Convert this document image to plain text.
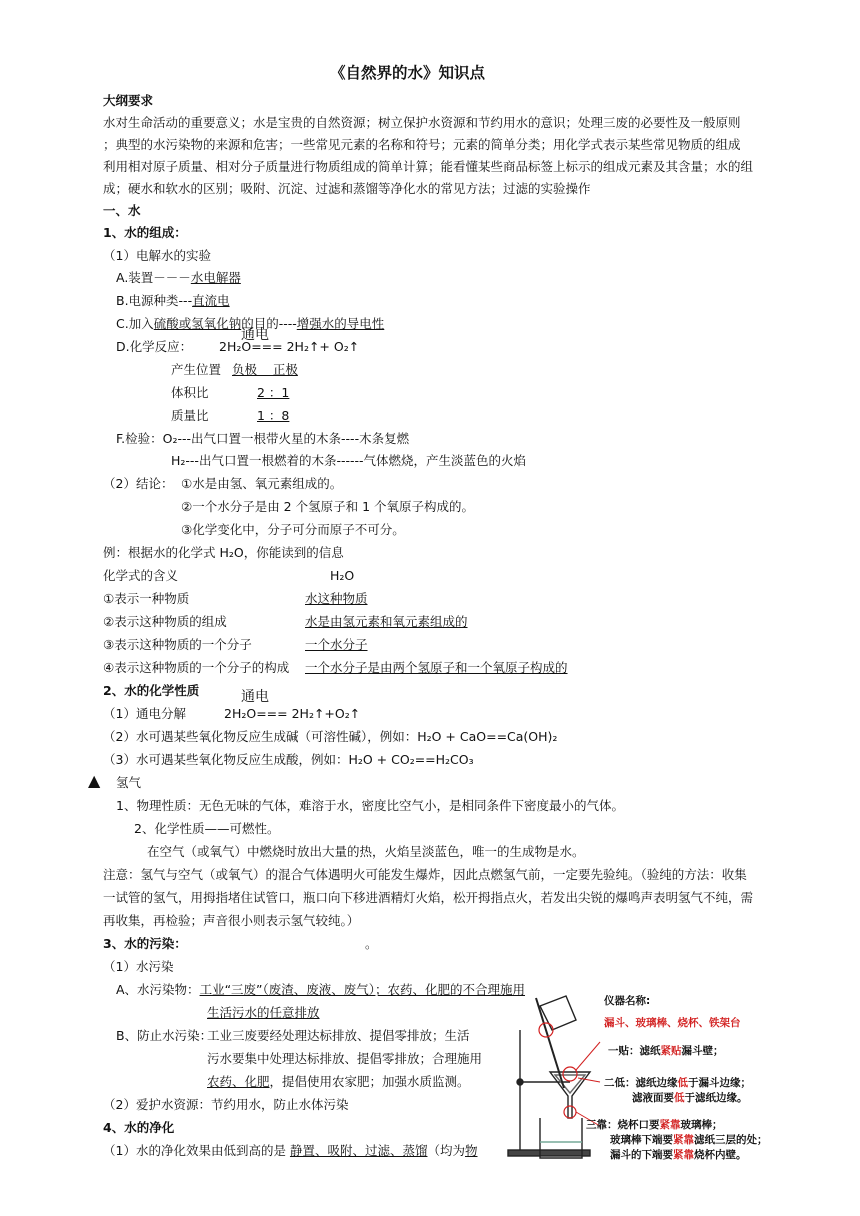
《自然界的水》知识点
大纲要求
水对生命活动的重要意义；水是宝贵的自然资源；树立保护水资源和节约用水的意识；处理三废的必要性及一般原则
；典型的水污染物的来源和危害；一些常见元素的名称和符号；元素的简单分类；用化学式表示某些常见物质的组成
利用相对原子质量、相对分子质量进行物质组成的简单计算；能看懂某些商品标签上标示的组成元素及其含量；水的组
成；硬水和软水的区别；吸附、沉淀、过滤和蒸馏等净化水的常见方法；过滤的实验操作
一、水
1、水的组成：
（1）电解水的实验
A.装置－－－水电解器
B.电源种类---直流电
C.加入硫酸或氢氧化钠的目的----增强水的导电性
D.化学反应：
通电
2H₂O=== 2H₂↑+ O₂↑
产生位置 负极    正极
体积比	2 ：1
质量比	1 ：8
F.检验：O₂---出气口置一根带火星的木条----木条复燃
H₂---出气口置一根燃着的木条------气体燃烧，产生淡蓝色的火焰
（2）结论： ①水是由氢、氧元素组成的。
②一个水分子是由 2 个氢原子和 1 个氧原子构成的。
③化学变化中，分子可分而原子不可分。
例：根据水的化学式 H₂O，你能读到的信息
化学式的含义	H₂O
①表示一种物质	水这种物质
②表示这种物质的组成	水是由氢元素和氧元素组成的
③表示这种物质的一个分子	一个水分子
④表示这种物质的一个分子的构成 一个水分子是由两个氢原子和一个氧原子构成的
2、水的化学性质	通电
（1）通电分解	2H₂O=== 2H₂↑+O₂↑
（2）水可遇某些氧化物反应生成碱（可溶性碱），例如：H₂O + CaO==Ca(OH)₂
（3）水可遇某些氧化物反应生成酸，例如：H₂O + CO₂==H₂CO₃
▲ 氢气
1、物理性质：无色无味的气体，难溶于水，密度比空气小，是相同条件下密度最小的气体。
2、化学性质——可燃性。
在空气（或氧气）中燃烧时放出大量的热，火焰呈淡蓝色，唯一的生成物是水。
注意：氢气与空气（或氧气）的混合气体遇明火可能发生爆炸，因此点燃氢气前，一定要先验纯。（验纯的方法：收集
一试管的氢气，用拇指堵住试管口，瓶口向下移进酒精灯火焰，松开拇指点火，若发出尖锐的爆鸣声表明氢气不纯，需
再收集，再检验；声音很小则表示氢气较纯。）
3、水的污染：	。
（1）水污染
A、水污染物：工业“三废”（废渣、废液、废气）；农药、化肥的不合理施用
生活污水的任意排放
B、防止水污染：
工业三废要经处理达标排放、提倡零排放；生活
污水要集中处理达标排放、提倡零排放；合理施用
农药、化肥，提倡使用农家肥；加强水质监测。
（2）爱护水资源：节约用水，防止水体污染
4、水的净化
（1）水的净化效果由低到高的是 静置、吸附、过滤、蒸馏（均为物
仪器名称:
漏斗、玻璃棒、烧杯、铁架台
一贴：滤纸紧贴漏斗壁；
二低：滤纸边缘低于漏斗边缘；
滤液面要低于滤纸边缘。
三靠：烧杯口要紧靠玻璃棒；
玻璃棒下端要紧靠滤纸三层的处；
漏斗的下端要紧靠烧杯内壁。
